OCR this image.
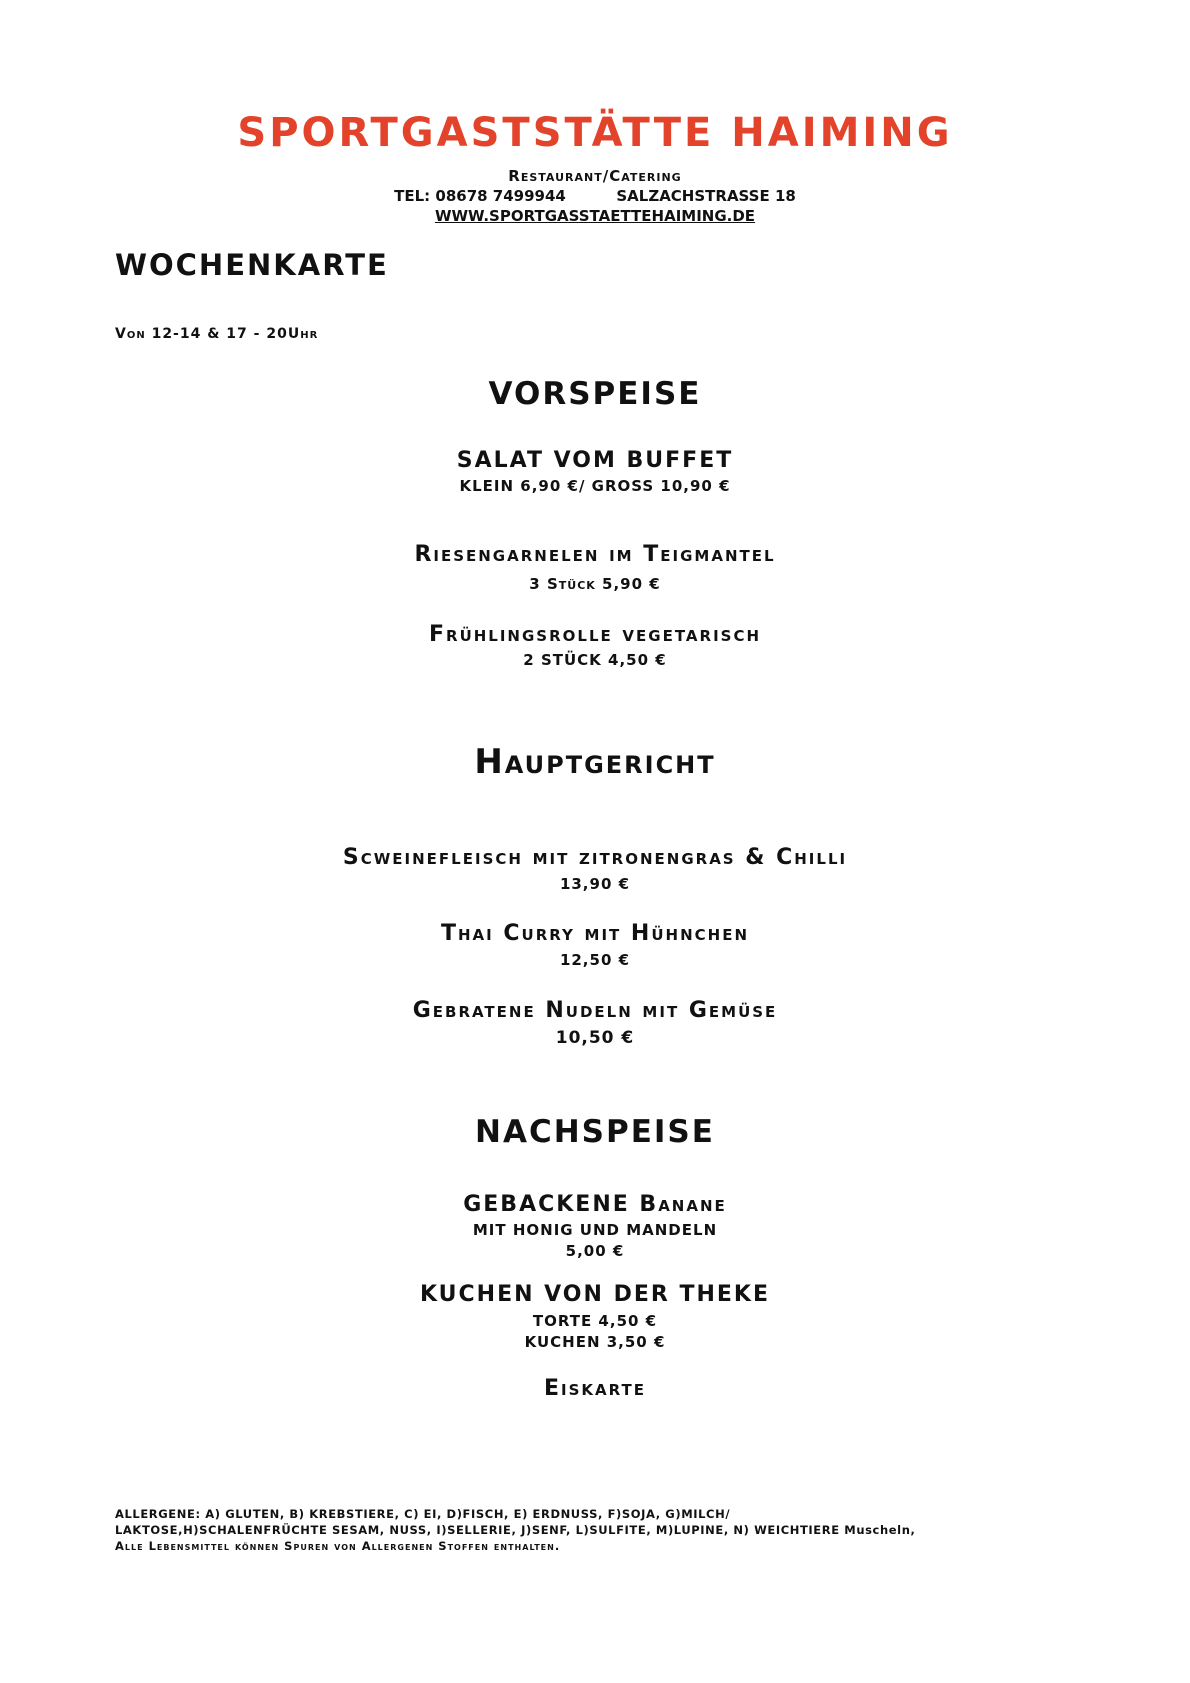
SPORTGASTSTÄTTE HAIMING
Restaurant/Catering
TEL: 08678 7499944	SALZACHSTRASSE 18
WWW.SPORTGASSTAETTEHAIMING.DE
WOCHENKARTE
Von 12-14 & 17 - 20Uhr
VORSPEISE
SALAT VOM BUFFET
KLEIN 6,90 €/ GROSS 10,90 €
Riesengarnelen im Teigmantel
3 Stück 5,90 €
Frühlingsrolle vegetarisch
2 STÜCK 4,50 €
Hauptgericht
Scweinefleisch mit zitronengras & Chilli
13,90 €
Thai Curry mit Hühnchen
12,50 €
Gebratene Nudeln mit Gemüse
10,50 €
NACHSPEISE
GEBACKENE Banane
MIT HONIG UND MANDELN
5,00 €
KUCHEN VON DER THEKE
TORTE 4,50 €
KUCHEN 3,50 €
Eiskarte
ALLERGENE: A) GLUTEN, B) KREBSTIERE, C) EI, D)FISCH, E) ERDNUSS, F)SOJA, G)MILCH/
LAKTOSE,H)SCHALENFRÜCHTE SESAM, NUSS, I)SELLERIE, J)SENF, L)SULFITE, M)LUPINE, N) WEICHTIERE Muscheln,
Alle Lebensmittel können Spuren von Allergenen Stoffen enthalten.
